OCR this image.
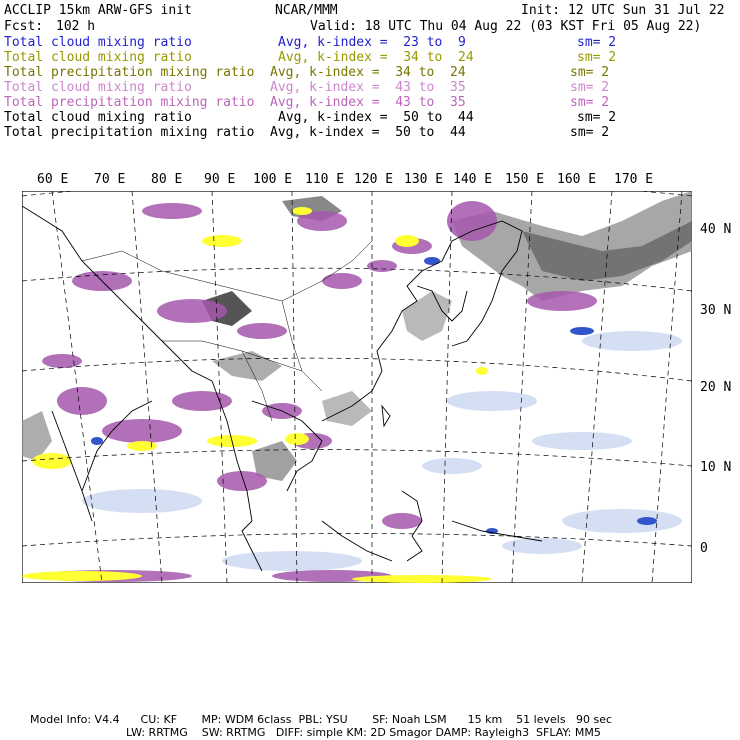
ACCLIP 15km ARW-GFS init	NCAR/MMM	Init: 12 UTC Sun 31 Jul 22
Fcst: 102 h	Valid: 18 UTC Thu 04 Aug 22 (03 KST Fri 05 Aug 22)
Total cloud mixing ratio	Avg, k-index =  23 to  9	sm= 2
Total cloud mixing ratio	Avg, k-index =  34 to  24	sm= 2
Total precipitation mixing ratio Avg, k-index =  34 to  24	sm= 2
Total cloud mixing ratio	Avg, k-index =  43 to  35	sm= 2
Total precipitation mixing ratio Avg, k-index =  43 to  35	sm= 2
Total cloud mixing ratio	Avg, k-index =  50 to  44	sm= 2
Total precipitation mixing ratio Avg, k-index =  50 to  44	sm= 2
60 E 70 E 80 E 90 E 100 E 110 E 120 E 130 E 140 E 150 E 160 E 170 E
40 N
30 N
20 N
10 N
0
Model Info: V4.4      CU: KF       MP: WDM 6class  PBL: YSU       SF: Noah LSM      15 km    51 levels   90 sec
LW: RRTMG    SW: RRTMG   DIFF: simple KM: 2D Smagor DAMP: Rayleigh3  SFLAY: MM5
